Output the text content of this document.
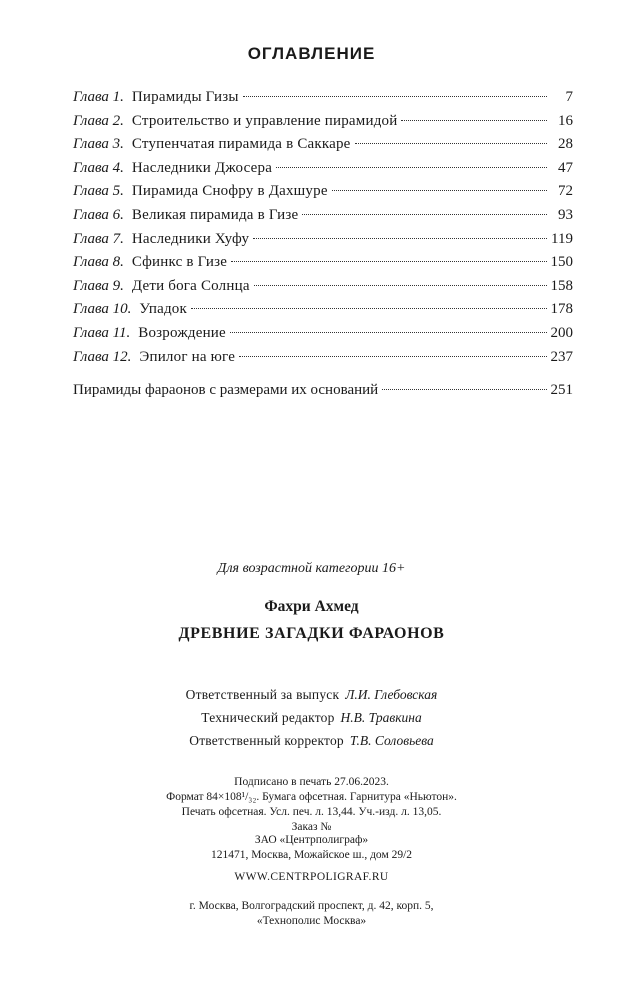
ОГЛАВЛЕНИЕ
Глава 1. Пирамиды Гизы	7
Глава 2. Строительство и управление пирамидой	16
Глава 3. Ступенчатая пирамида в Саккаре	28
Глава 4. Наследники Джосера	47
Глава 5. Пирамида Снофру в Дахшуре	72
Глава 6. Великая пирамида в Гизе	93
Глава 7. Наследники Хуфу	119
Глава 8. Сфинкс в Гизе	150
Глава 9. Дети бога Солнца	158
Глава 10. Упадок	178
Глава 11. Возрождение	200
Глава 12. Эпилог на юге	237
Пирамиды фараонов с размерами их оснований	251
Для возрастной категории 16+
Фахри Ахмед
ДРЕВНИЕ ЗАГАДКИ ФАРАОНОВ
Ответственный за выпуск Л.И. Глебовская
Технический редактор Н.В. Травкина
Ответственный корректор Т.В. Соловьева
Подписано в печать 27.06.2023.
Формат 84×108¹/₃₂. Бумага офсетная. Гарнитура «Ньютон».
Печать офсетная. Усл. печ. л. 13,44. Уч.-изд. л. 13,05.
Заказ №
ЗАО «Центрполиграф»
121471, Москва, Можайское ш., дом 29/2
WWW.CENTRPOLIGRAF.RU
г. Москва, Волгоградский проспект, д. 42, корп. 5,
«Технополис Москва»
